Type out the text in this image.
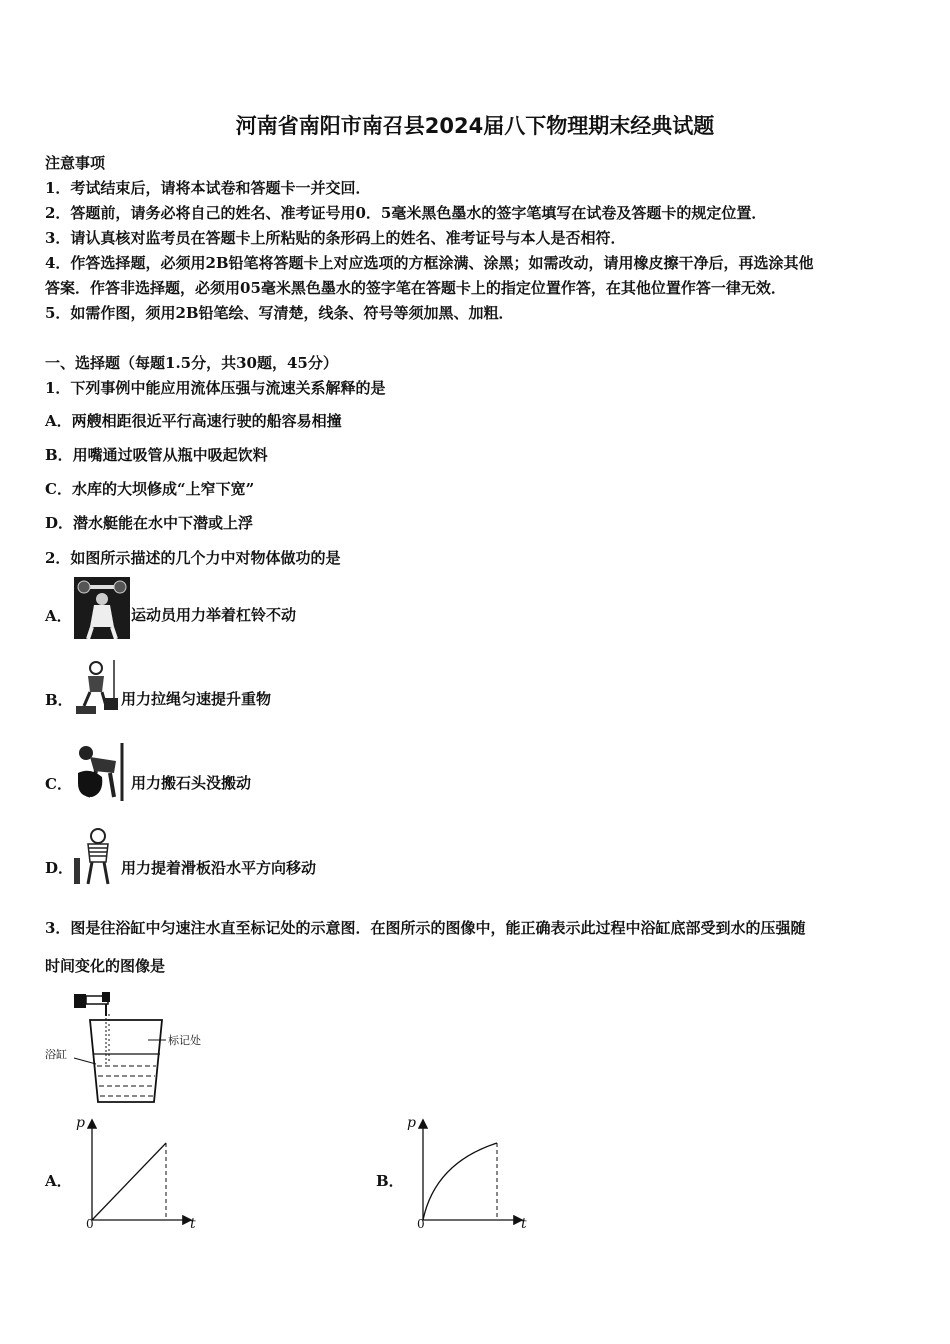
河南省南阳市南召县2024届八下物理期末经典试题
注意事项
1．考试结束后，请将本试卷和答题卡一并交回．
2．答题前，请务必将自己的姓名、准考证号用0．5毫米黑色墨水的签字笔填写在试卷及答题卡的规定位置．
3．请认真核对监考员在答题卡上所粘贴的条形码上的姓名、准考证号与本人是否相符．
4．作答选择题，必须用2B铅笔将答题卡上对应选项的方框涂满、涂黑；如需改动，请用橡皮擦干净后，再选涂其他
答案．作答非选择题，必须用05毫米黑色墨水的签字笔在答题卡上的指定位置作答，在其他位置作答一律无效．
5．如需作图，须用2B铅笔绘、写清楚，线条、符号等须加黑、加粗．
一、选择题（每题1.5分，共30题，45分）
1．下列事例中能应用流体压强与流速关系解释的是
A．两艘相距很近平行高速行驶的船容易相撞
B．用嘴通过吸管从瓶中吸起饮料
C．水库的大坝修成“上窄下宽”
D．潜水艇能在水中下潜或上浮
2．如图所示描述的几个力中对物体做功的是
A．	运动员用力举着杠铃不动
B．	用力拉绳匀速提升重物
C．	用力搬石头没搬动
D．	用力提着滑板沿水平方向移动
3．图是往浴缸中匀速注水直至标记处的示意图．在图所示的图像中，能正确表示此过程中浴缸底部受到水的压强随
时间变化的图像是
标记处
浴缸
A．
p
t
0
B．
p
t
0
